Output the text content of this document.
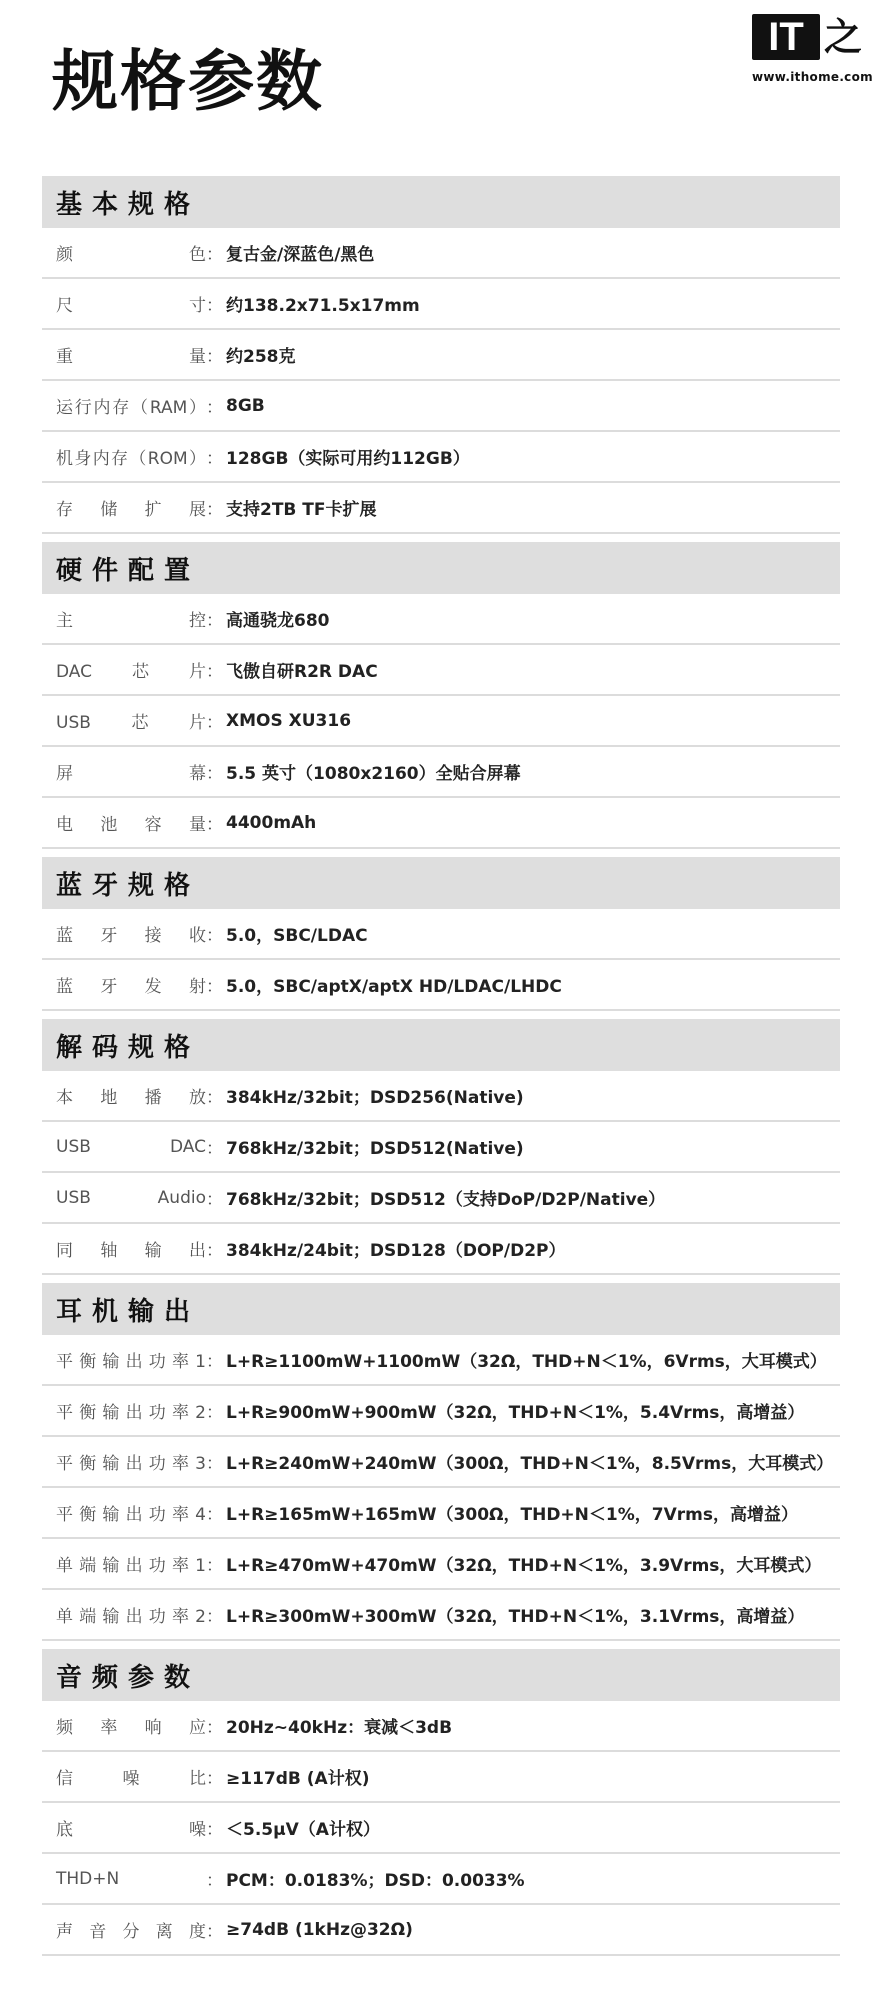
规格参数
IT 之
www.ithome.com
基本规格
颜色 ： 复古金/深蓝色/黑色
尺寸 ： 约138.2x71.5x17mm
重量 ： 约258克
运行内存（RAM） ： 8GB
机身内存（ROM） ： 128GB（实际可用约112GB）
存储扩展 ： 支持2TB TF卡扩展
硬件配置
主控 ： 高通骁龙680
DAC芯片 ： 飞傲自研R2R DAC
USB芯片 ： XMOS XU316
屏幕 ： 5.5 英寸（1080x2160）全贴合屏幕
电池容量 ： 4400mAh
蓝牙规格
蓝牙接收 ： 5.0，SBC/LDAC
蓝牙发射 ： 5.0，SBC/aptX/aptX HD/LDAC/LHDC
解码规格
本地播放 ： 384kHz/32bit；DSD256(Native)
USB DAC ： 768kHz/32bit；DSD512(Native)
USB Audio ： 768kHz/32bit；DSD512（支持DoP/D2P/Native）
同轴输出 ： 384kHz/24bit；DSD128（DOP/D2P）
耳机输出
平衡输出功率1 ： L+R≥1100mW+1100mW（32Ω，THD+N＜1%，6Vrms，大耳模式）
平衡输出功率2 ： L+R≥900mW+900mW（32Ω，THD+N＜1%，5.4Vrms，高增益）
平衡输出功率3 ： L+R≥240mW+240mW（300Ω，THD+N＜1%，8.5Vrms，大耳模式）
平衡输出功率4 ： L+R≥165mW+165mW（300Ω，THD+N＜1%，7Vrms，高增益）
单端输出功率1 ： L+R≥470mW+470mW（32Ω，THD+N＜1%，3.9Vrms，大耳模式）
单端输出功率2 ： L+R≥300mW+300mW（32Ω，THD+N＜1%，3.1Vrms，高增益）
音频参数
频率响应 ： 20Hz~40kHz：衰减＜3dB
信噪比 ： ≥117dB (A计权)
底噪 ： ＜5.5μV（A计权）
THD+N	： PCM：0.0183%；DSD：0.0033%
声音分离度 ： ≥74dB (1kHz@32Ω)
